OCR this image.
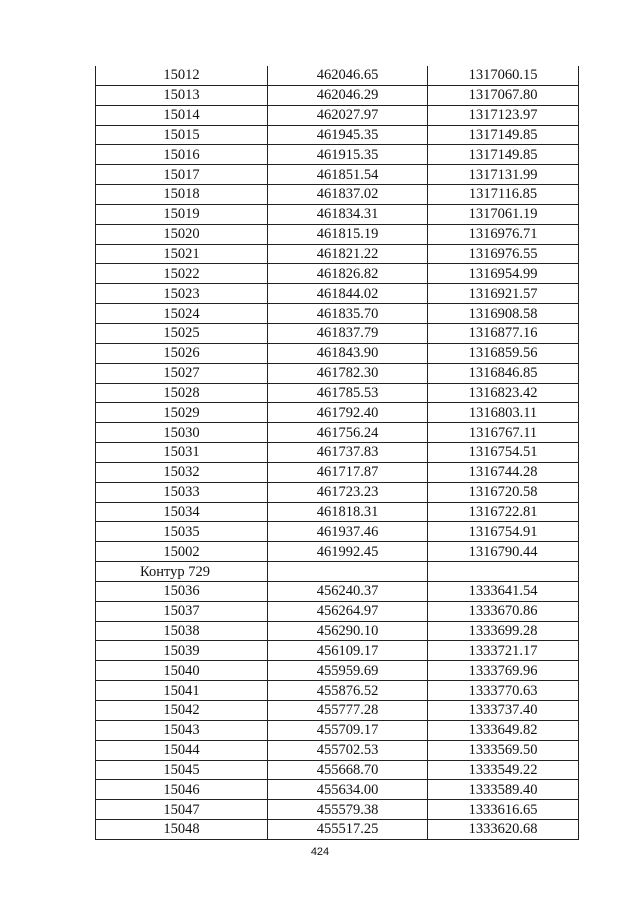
15012	462046.65	1317060.15
15013	462046.29	1317067.80
15014	462027.97	1317123.97
15015	461945.35	1317149.85
15016	461915.35	1317149.85
15017	461851.54	1317131.99
15018	461837.02	1317116.85
15019	461834.31	1317061.19
15020	461815.19	1316976.71
15021	461821.22	1316976.55
15022	461826.82	1316954.99
15023	461844.02	1316921.57
15024	461835.70	1316908.58
15025	461837.79	1316877.16
15026	461843.90	1316859.56
15027	461782.30	1316846.85
15028	461785.53	1316823.42
15029	461792.40	1316803.11
15030	461756.24	1316767.11
15031	461737.83	1316754.51
15032	461717.87	1316744.28
15033	461723.23	1316720.58
15034	461818.31	1316722.81
15035	461937.46	1316754.91
15002	461992.45	1316790.44
Контур 729		
15036	456240.37	1333641.54
15037	456264.97	1333670.86
15038	456290.10	1333699.28
15039	456109.17	1333721.17
15040	455959.69	1333769.96
15041	455876.52	1333770.63
15042	455777.28	1333737.40
15043	455709.17	1333649.82
15044	455702.53	1333569.50
15045	455668.70	1333549.22
15046	455634.00	1333589.40
15047	455579.38	1333616.65
15048	455517.25	1333620.68
424
